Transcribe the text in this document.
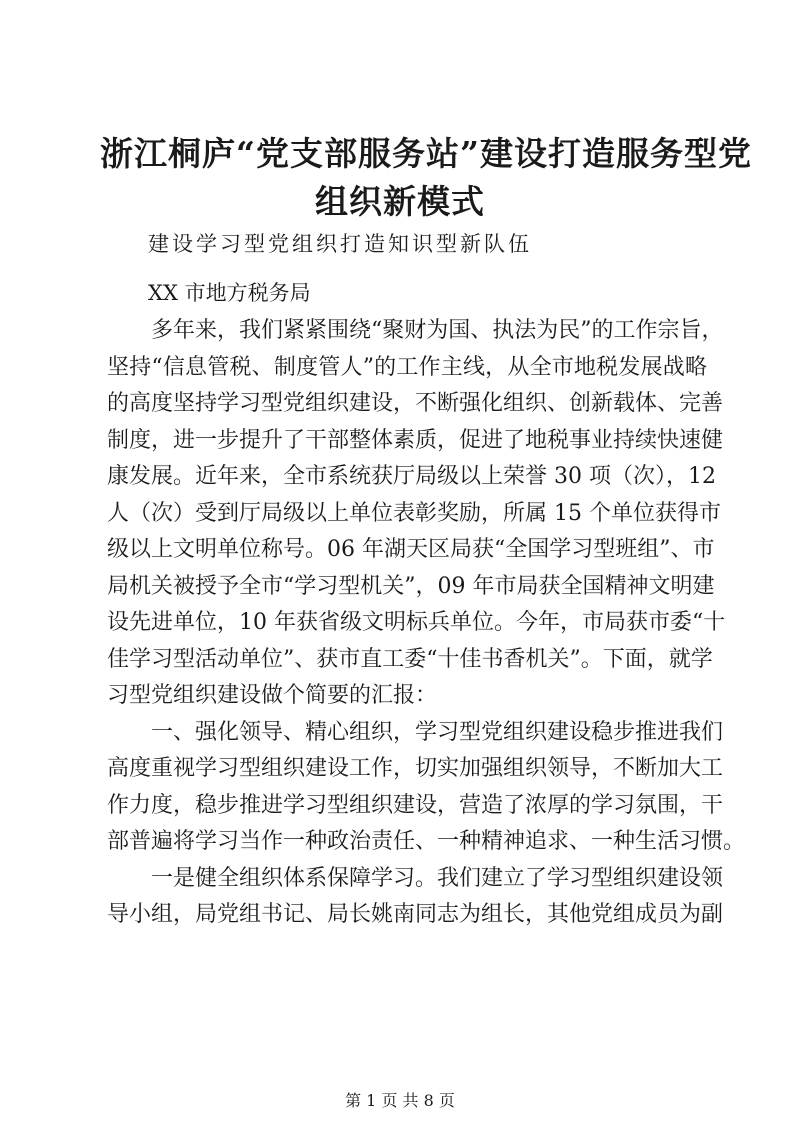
浙江桐庐“党支部服务站”建设打造服务型党
组织新模式
建设学习型党组织打造知识型新队伍
XX 市地方税务局
多年来，我们紧紧围绕“聚财为国、执法为民”的工作宗旨，
坚持“信息管税、制度管人”的工作主线，从全市地税发展战略
的高度坚持学习型党组织建设，不断强化组织、创新载体、完善
制度，进一步提升了干部整体素质，促进了地税事业持续快速健
康发展。近年来，全市系统获厅局级以上荣誉 30 项（次），12
人（次）受到厅局级以上单位表彰奖励，所属 15 个单位获得市
级以上文明单位称号。06 年湖天区局获“全国学习型班组”、市
局机关被授予全市“学习型机关”，09 年市局获全国精神文明建
设先进单位，10 年获省级文明标兵单位。今年，市局获市委“十
佳学习型活动单位”、获市直工委“十佳书香机关”。下面，就学
习型党组织建设做个简要的汇报：
一、强化领导、精心组织，学习型党组织建设稳步推进我们
高度重视学习型组织建设工作，切实加强组织领导，不断加大工
作力度，稳步推进学习型组织建设，营造了浓厚的学习氛围，干
部普遍将学习当作一种政治责任、一种精神追求、一种生活习惯。
一是健全组织体系保障学习。我们建立了学习型组织建设领
导小组，局党组书记、局长姚南同志为组长，其他党组成员为副
第 1 页 共 8 页
